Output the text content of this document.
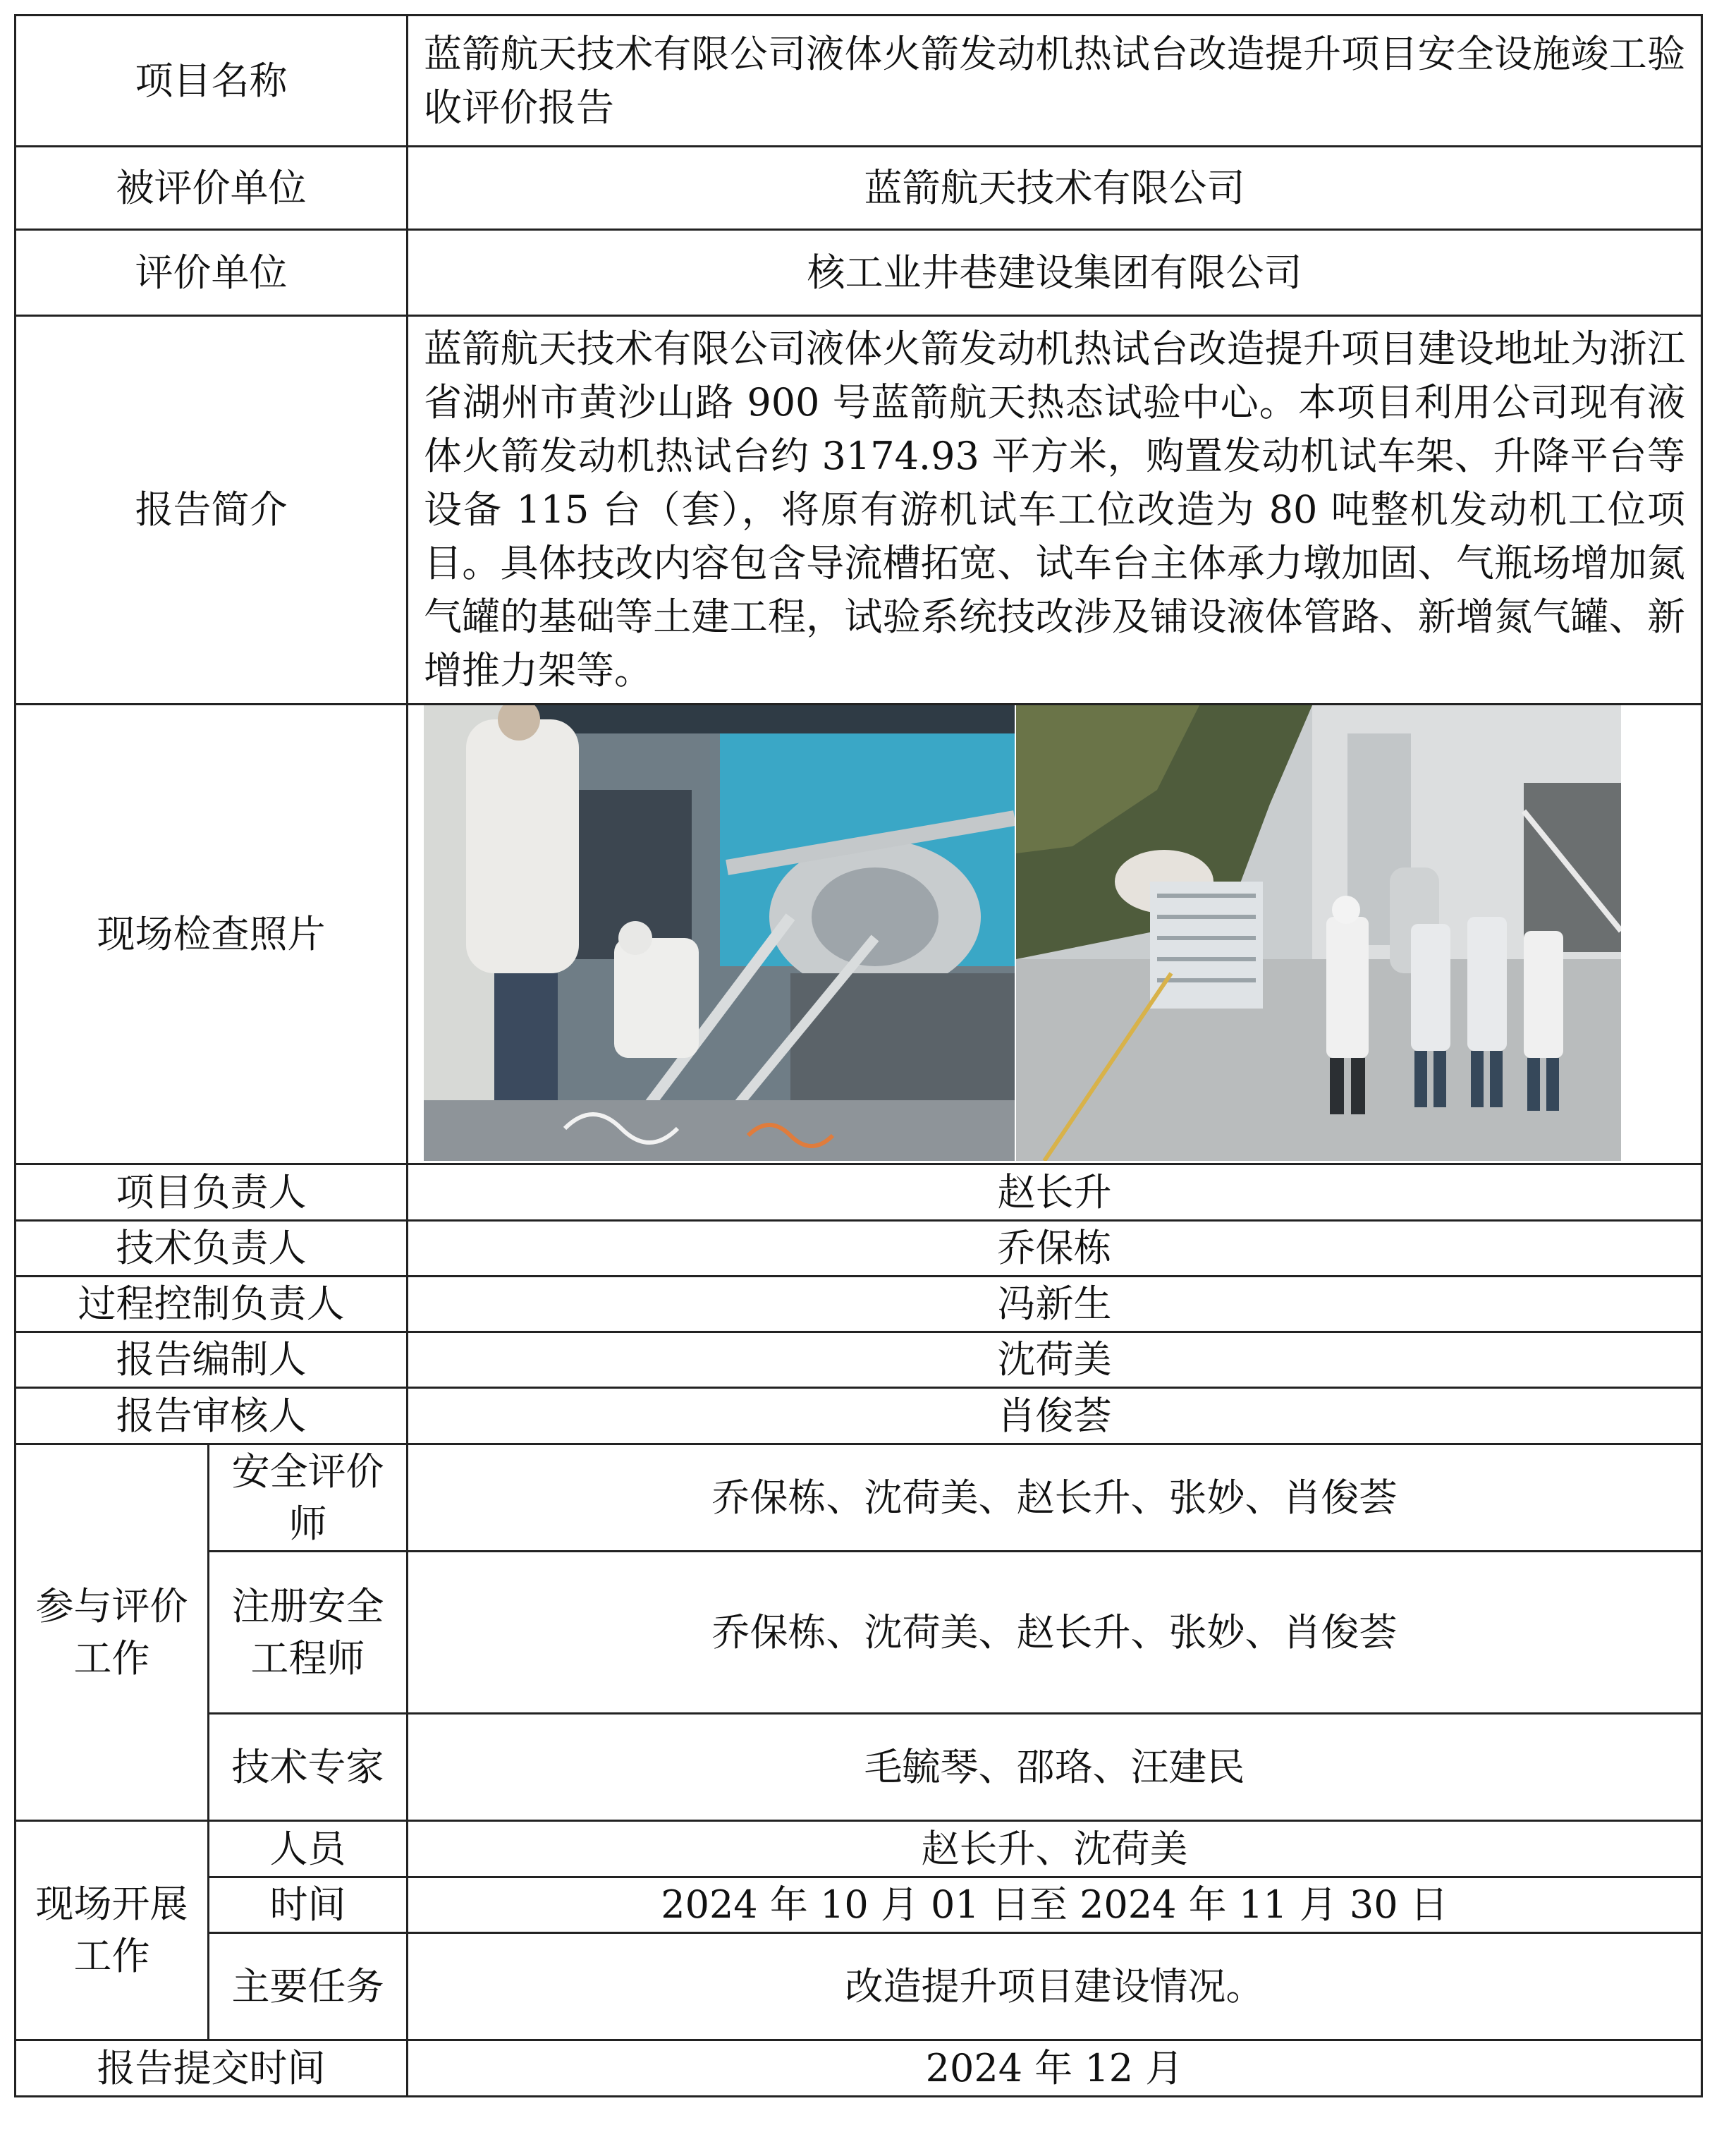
项目名称		蓝箭航天技术有限公司液体火箭发动机热试台改造提升项目安全设施竣工验收评价报告
被评价单位		蓝箭航天技术有限公司
评价单位		核工业井巷建设集团有限公司
报告简介		蓝箭航天技术有限公司液体火箭发动机热试台改造提升项目建设地址为浙江省湖州市黄沙山路 900 号蓝箭航天热态试验中心。本项目利用公司现有液体火箭发动机热试台约 3174.93 平方米，购置发动机试车架、升降平台等设备 115 台（套），将原有游机试车工位改造为 80 吨整机发动机工位项目。具体技改内容包含导流槽拓宽、试车台主体承力墩加固、气瓶场增加氮气罐的基础等土建工程，试验系统技改涉及铺设液体管路、新增氮气罐、新增推力架等。
现场检查照片	

项目负责人		赵长升
技术负责人		乔保栋
过程控制负责人		冯新生
报告编制人		沈荷美
报告审核人		肖俊荟
参与评价工作	安全评价师	乔保栋、沈荷美、赵长升、张妙、肖俊荟
	注册安全工程师	乔保栋、沈荷美、赵长升、张妙、肖俊荟
	技术专家	毛毓琴、邵珞、汪建民
现场开展工作	人员	赵长升、沈荷美
	时间	2024 年 10 月 01 日至 2024 年 11 月 30 日
	主要任务	改造提升项目建设情况。
报告提交时间		2024 年 12 月
